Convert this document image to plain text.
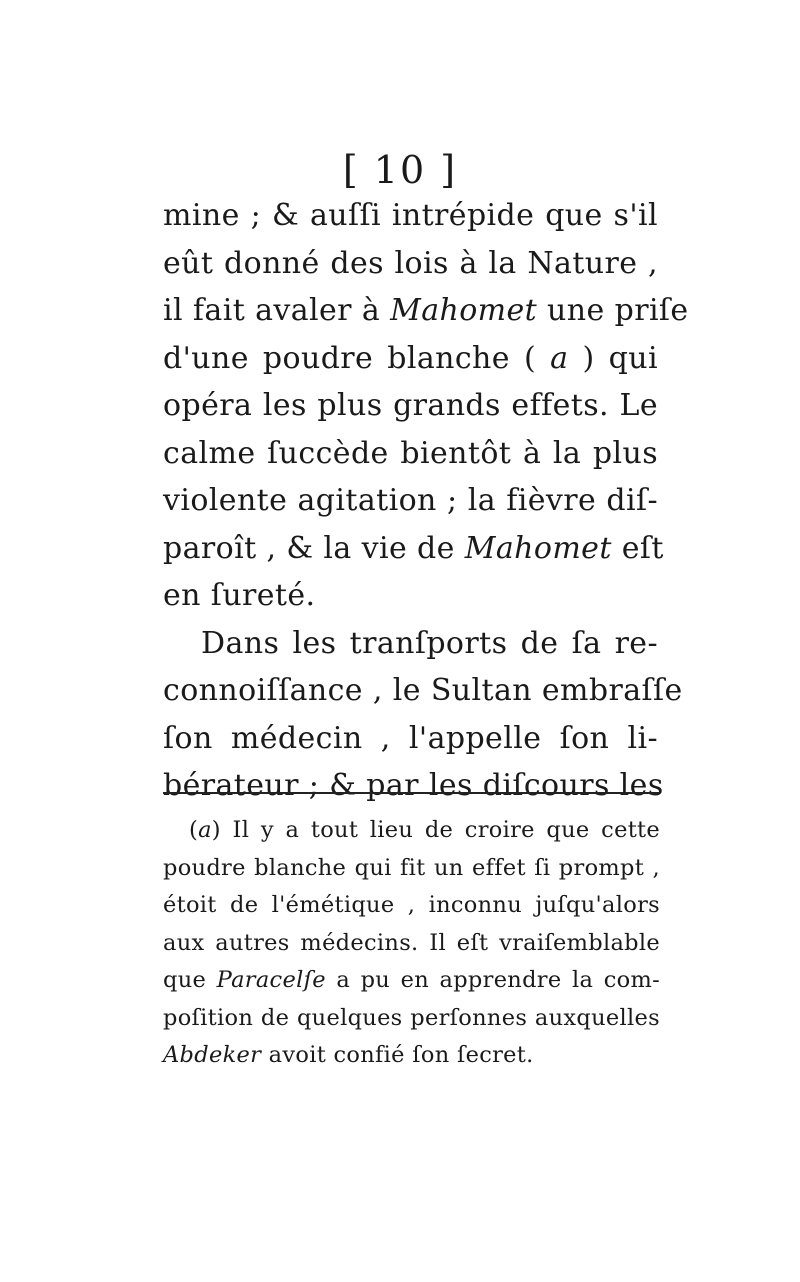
[ 10 ]
mine ; & auſſi intrépide que s'il
eût donné des lois à la Nature ,
il fait avaler à Mahomet une priſe
d'une poudre blanche ( a ) qui
opéra les plus grands effets. Le
calme ſuccède bientôt à la plus
violente agitation ; la fièvre diſ-
paroît , & la vie de Mahomet eſt
en ſureté.
Dans les tranſports de ſa re-
connoiſſance , le Sultan embraſſe
ſon médecin , l'appelle ſon li-
bérateur ; & par les diſcours les
(a) Il y a tout lieu de croire que cette
poudre blanche qui fit un effet ſi prompt ,
étoit de l'émétique , inconnu juſqu'alors
aux autres médecins. Il eſt vraiſemblable
que Paracelſe a pu en apprendre la com-
poſition de quelques perſonnes auxquelles
Abdeker avoit confié ſon ſecret.
